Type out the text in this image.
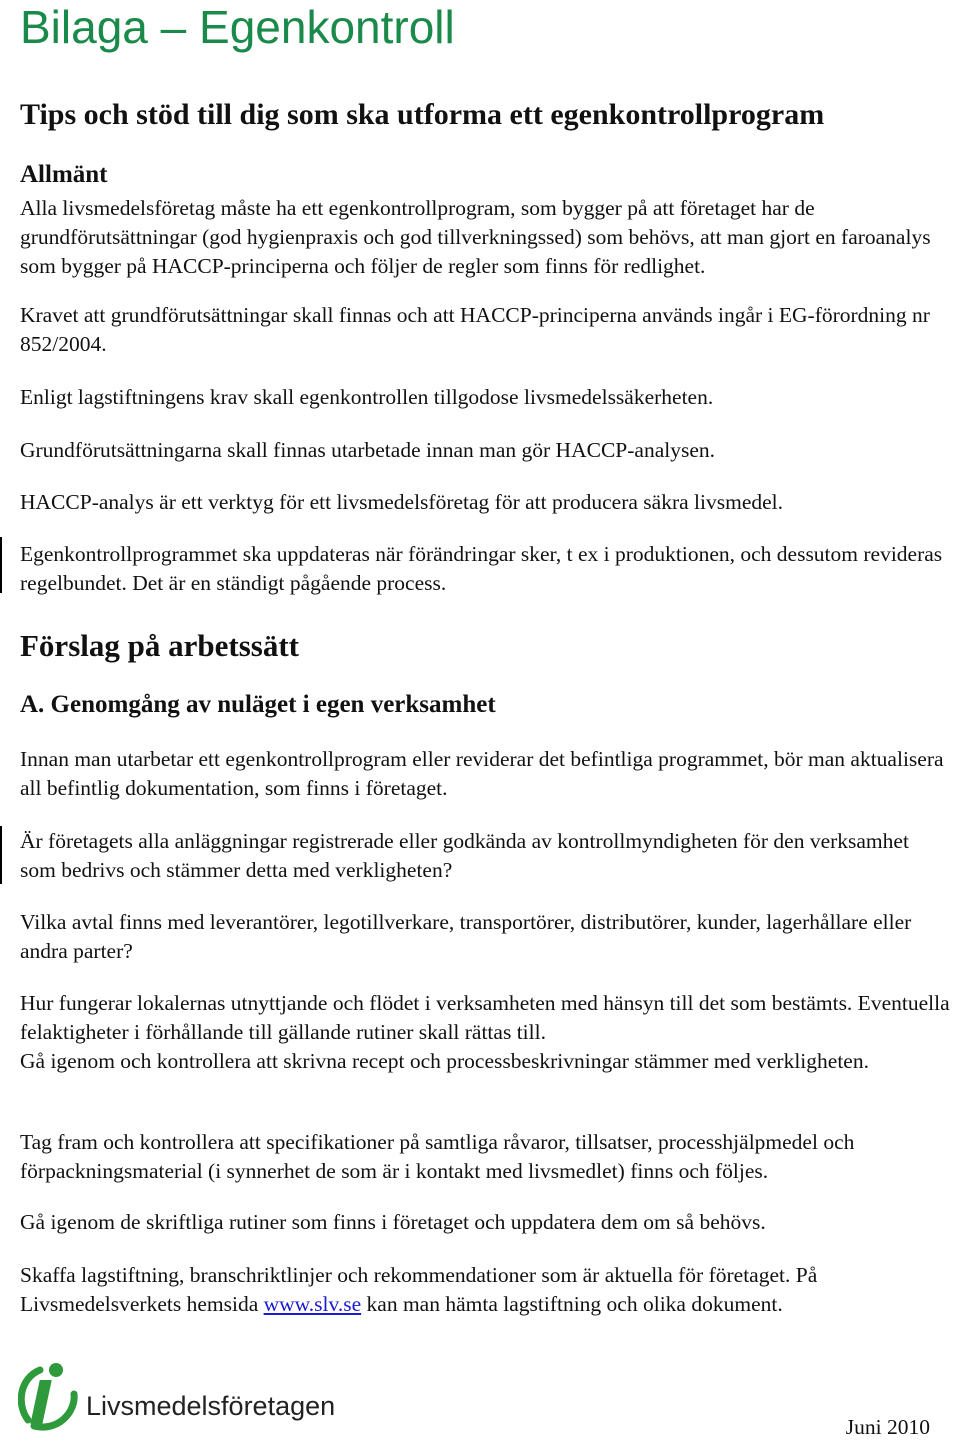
Bilaga – Egenkontroll
Tips och stöd till dig som ska utforma ett egenkontrollprogram
Allmänt

Alla livsmedelsföretag måste ha ett egenkontrollprogram, som bygger på att företaget har de grundförutsättningar (god hygienpraxis och god tillverkningssed) som behövs, att man gjort en faroanalys som bygger på HACCP-principerna och följer de regler som finns för redlighet.

Kravet att grundförutsättningar skall finnas och att HACCP-principerna används ingår i EG-förordning nr 852/2004.

Enligt lagstiftningens krav skall egenkontrollen tillgodose livsmedelssäkerheten.

Grundförutsättningarna skall finnas utarbetade innan man gör HACCP-analysen.

HACCP-analys är ett verktyg för ett livsmedelsföretag för att producera säkra livsmedel.

Egenkontrollprogrammet ska uppdateras när förändringar sker, t ex i produktionen, och dessutom revideras regelbundet. Det är en ständigt pågående process.

Förslag på arbetssätt
A. Genomgång av nuläget i egen verksamhet

Innan man utarbetar ett egenkontrollprogram eller reviderar det befintliga programmet, bör man aktualisera all befintlig dokumentation, som finns i företaget.

Är företagets alla anläggningar registrerade eller godkända av kontrollmyndigheten för den verksamhet som bedrivs och stämmer detta med verkligheten?

Vilka avtal finns med leverantörer, legotillverkare, transportörer, distributörer, kunder, lagerhållare eller andra parter?

Hur fungerar lokalernas utnyttjande och flödet i verksamheten med hänsyn till det som bestämts. Eventuella felaktigheter i förhållande till gällande rutiner skall rättas till.

Gå igenom och kontrollera att skrivna recept och processbeskrivningar stämmer med verkligheten.

Tag fram och kontrollera att specifikationer på samtliga råvaror, tillsatser, processhjälpmedel och förpackningsmaterial (i synnerhet de som är i kontakt med livsmedlet) finns och följes.

Gå igenom de skriftliga rutiner som finns i företaget och uppdatera dem om så behövs.

Skaffa lagstiftning, branschriktlinjer och rekommendationer som är aktuella för företaget. På Livsmedelsverkets hemsida www.slv.se kan man hämta lagstiftning och olika dokument.

Livsmedelsföretagen

Juni 2010
